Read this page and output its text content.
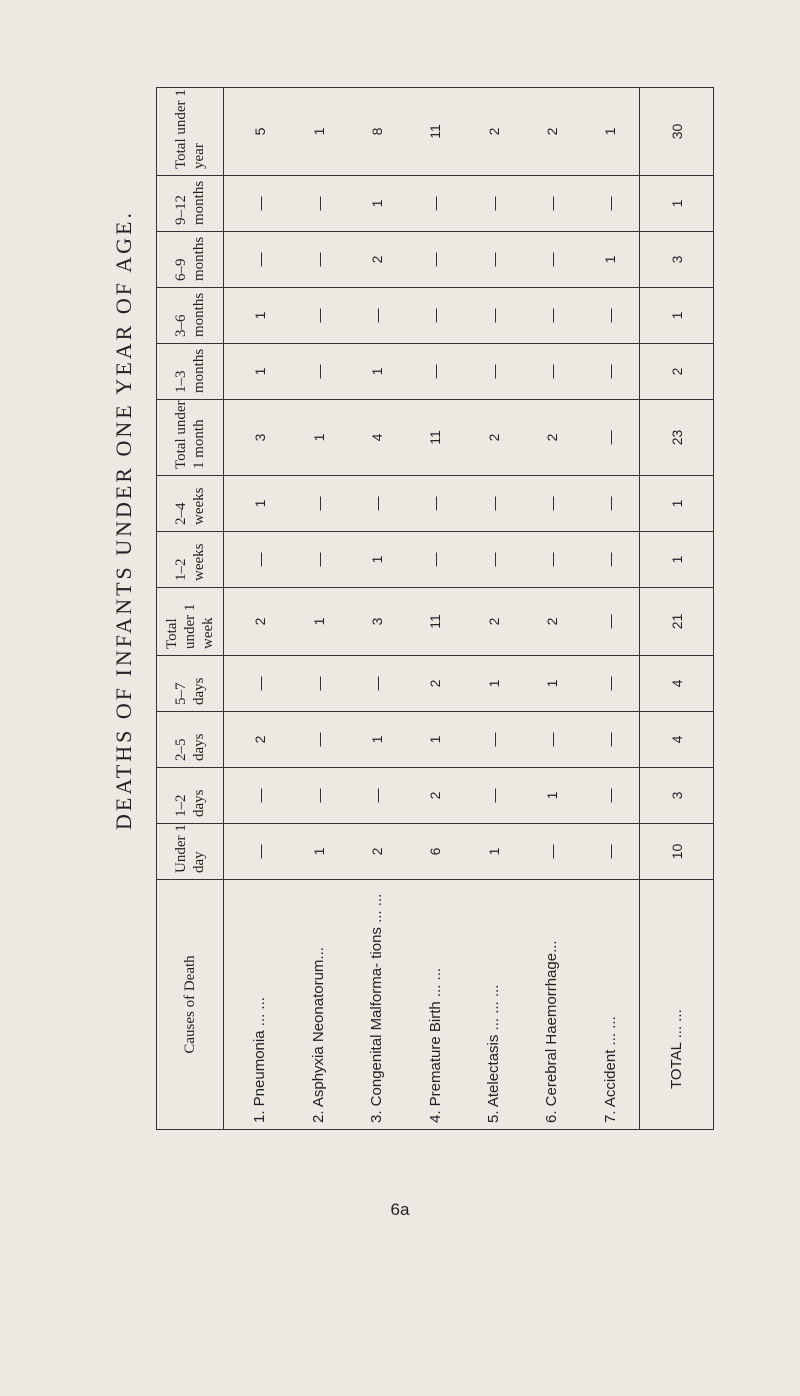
DEATHS OF INFANTS UNDER ONE YEAR OF AGE.
Causes of Death	Under 1 day	1–2 days	2–5 days	5–7 days	Total under 1 week	1–2 weeks	2–4 weeks	Total under 1 month	1–3 months	3–6 months	6–9 months	9–12 months	Total under 1 year
1. Pneumonia ... ...	—	—	2	—	2	—	1	3	1	1	—	—	5
2. Asphyxia Neonatorum...	1	—	—	—	1	—	—	1	—	—	—	—	1
3. Congenital Malforma- tions ... ...	2	—	1	—	3	1	—	4	1	—	2	1	8
4. Premature Birth ... ...	6	2	1	2	11	—	—	11	—	—	—	—	11
5. Atelectasis ... ... ...	1	—	—	1	2	—	—	2	—	—	—	—	2
6. Cerebral Haemorrhage...	—	1	—	1	2	—	—	2	—	—	—	—	2
7. Accident ... ...	—	—	—	—	—	—	—	—	—	—	1	—	1
TOTAL ... ...	10	3	4	4	21	1	1	23	2	1	3	1	30
6a
